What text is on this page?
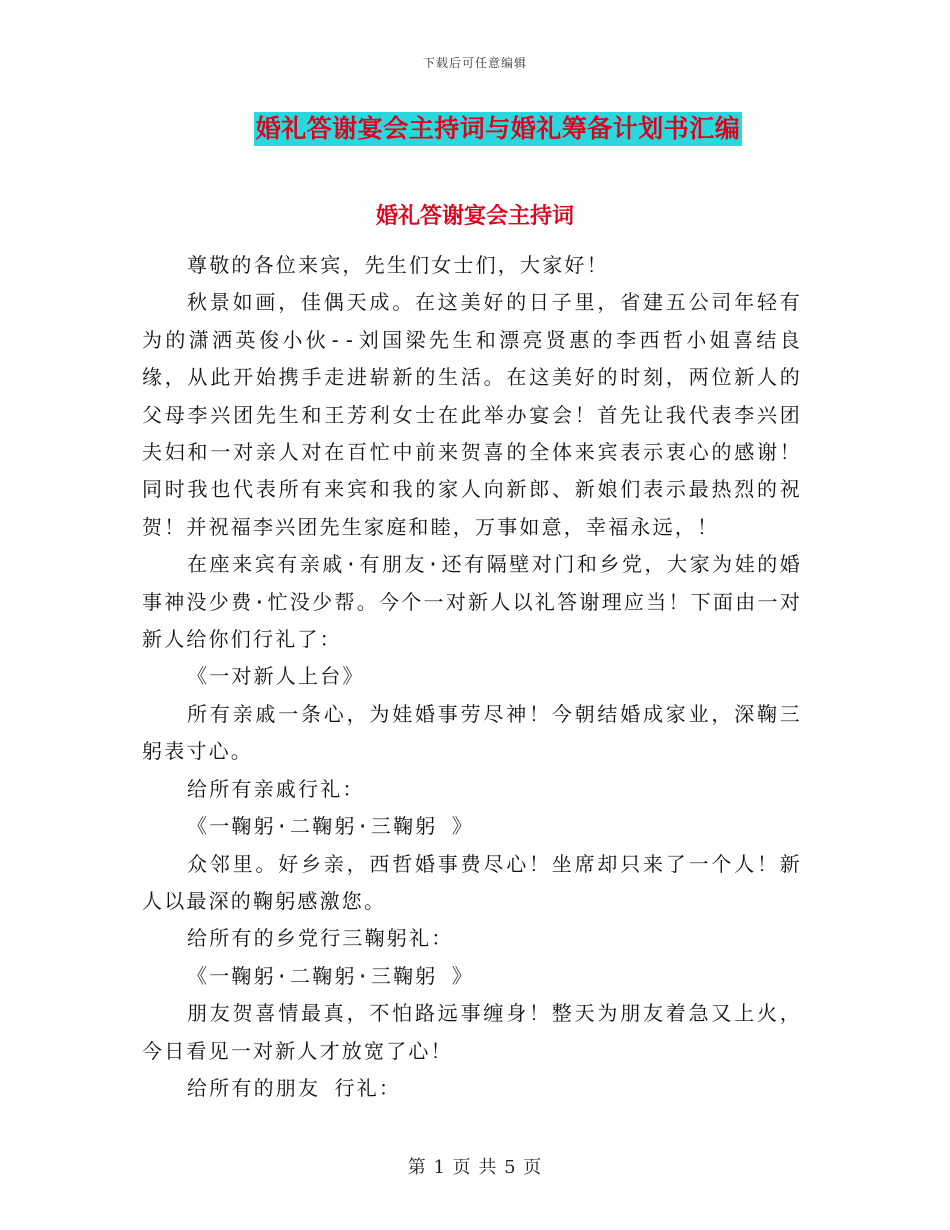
下载后可任意编辑
婚礼答谢宴会主持词与婚礼筹备计划书汇编
婚礼答谢宴会主持词

尊敬的各位来宾，先生们女士们，大家好！

秋景如画，佳偶天成。在这美好的日子里，省建五公司年轻有为的潇洒英俊小伙--刘国梁先生和漂亮贤惠的李西哲小姐喜结良缘，从此开始携手走进崭新的生活。在这美好的时刻，两位新人的父母李兴团先生和王芳利女士在此举办宴会！首先让我代表李兴团夫妇和一对亲人对在百忙中前来贺喜的全体来宾表示衷心的感谢！同时我也代表所有来宾和我的家人向新郎、新娘们表示最热烈的祝贺！并祝福李兴团先生家庭和睦，万事如意，幸福永远，！

在座来宾有亲戚·有朋友·还有隔壁对门和乡党，大家为娃的婚事神没少费·忙没少帮。今个一对新人以礼答谢理应当！下面由一对新人给你们行礼了：

《一对新人上台》

所有亲戚一条心，为娃婚事劳尽神！今朝结婚成家业，深鞠三躬表寸心。

给所有亲戚行礼：

《一鞠躬·二鞠躬·三鞠躬 》

众邻里。好乡亲，西哲婚事费尽心！坐席却只来了一个人！新人以最深的鞠躬感激您。

给所有的乡党行三鞠躬礼：

《一鞠躬·二鞠躬·三鞠躬 》

朋友贺喜情最真，不怕路远事缠身！整天为朋友着急又上火，今日看见一对新人才放宽了心！

给所有的朋友 行礼：

第 1 页 共 5 页
